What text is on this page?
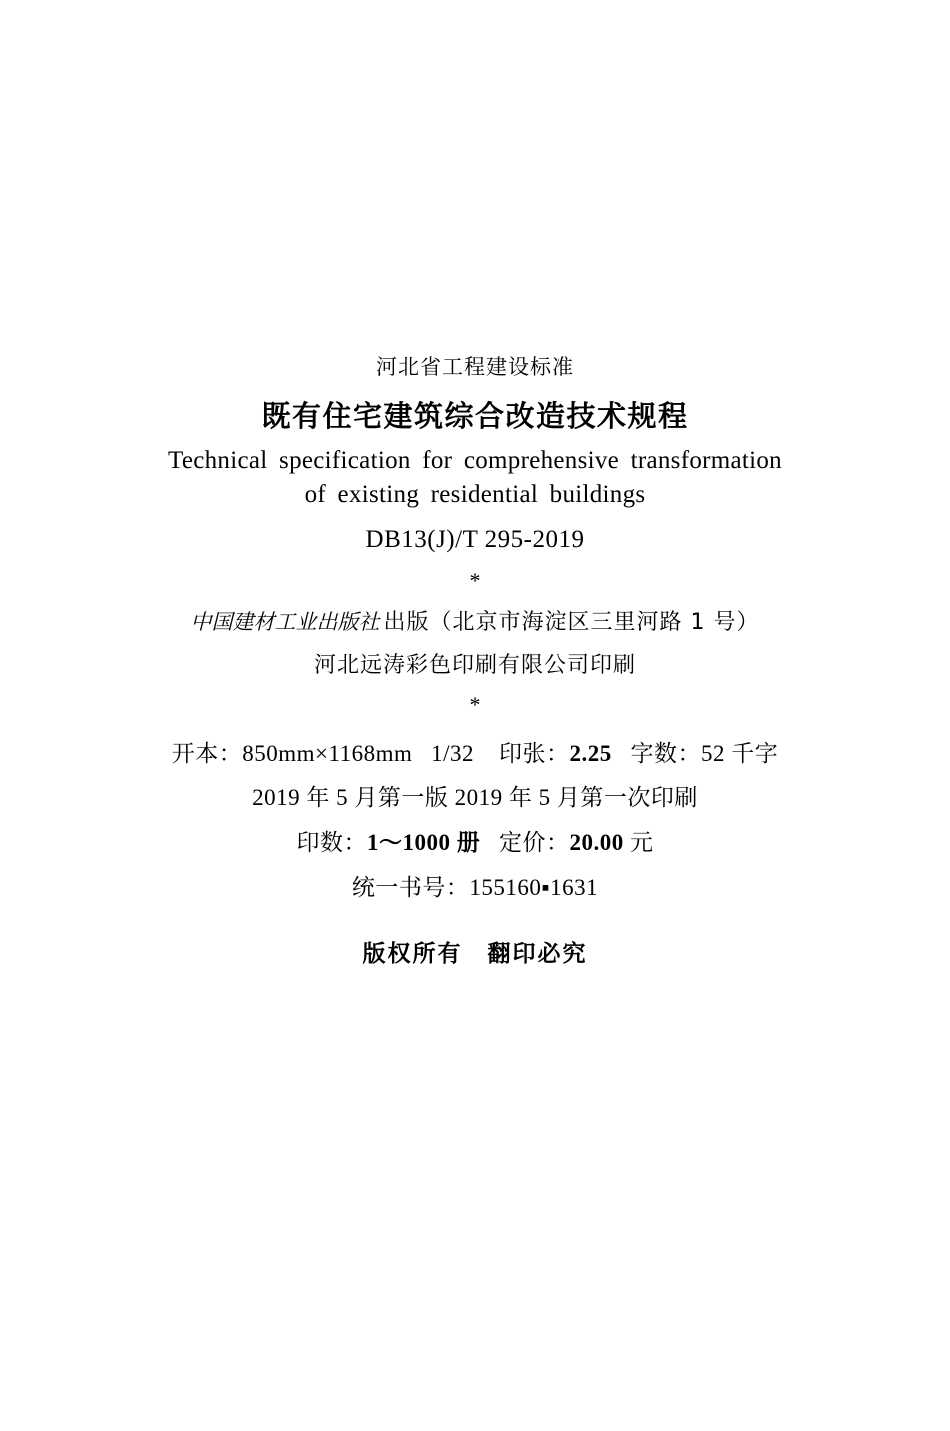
河北省工程建设标准
既有住宅建筑综合改造技术规程
Technical specification for comprehensive transformation
of existing residential buildings
DB13(J)/T 295-2019
*
中国建材工业出版社 出版（北京市海淀区三里河路 1 号）
河北远涛彩色印刷有限公司印刷
*
开本：850mm×1168mm 1/32 印张：2.25 字数：52 千字
2019 年 5 月第一版 2019 年 5 月第一次印刷
印数：1～1000 册 定价：20.00 元
统一书号：155160▪1631
版权所有　翻印必究
